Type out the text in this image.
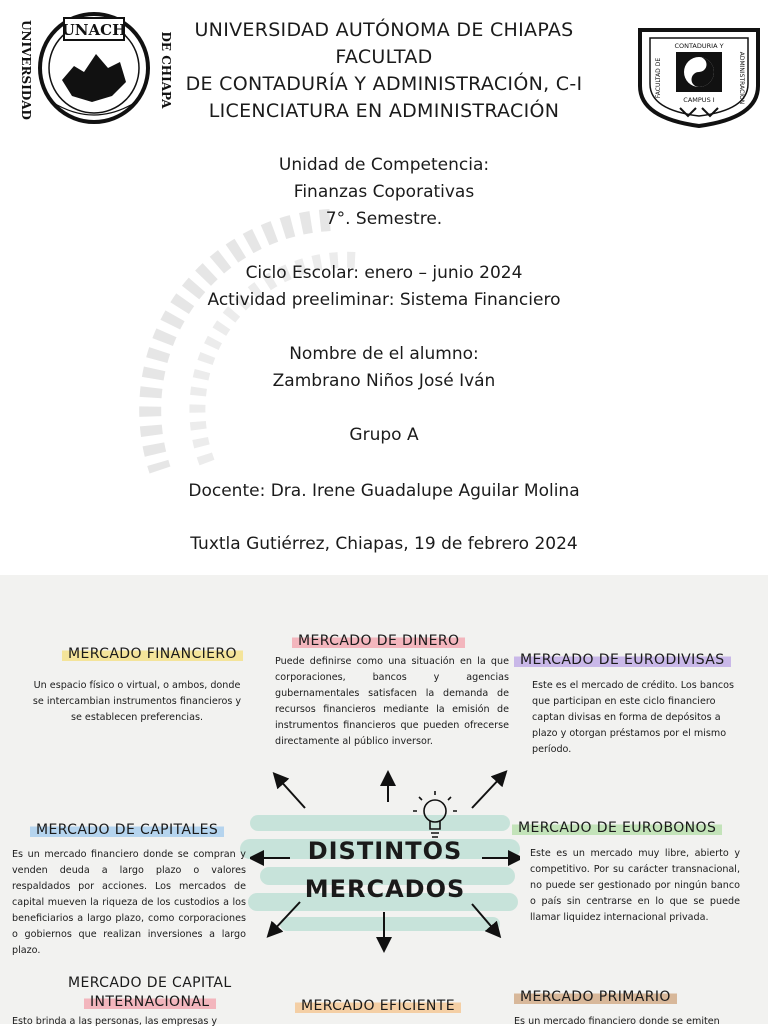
UNIVERSIDAD UNACH
DE CHIAPA
UNIVERSIDAD AUTÓNOMA DE CHIAPAS
FACULTAD
DE CONTADURÍA Y ADMINISTRACIÓN, C-I
LICENCIATURA EN ADMINISTRACIÓN
CONTADURIA Y
FACULTAD DE	ADMINISTRACION
CAMPUS I
Unidad de Competencia:
Finanzas Coporativas
7°. Semestre.
Ciclo Escolar: enero – junio 2024
Actividad preeliminar: Sistema Financiero
Nombre de el alumno:
Zambrano Niños José Iván
Grupo A
Docente: Dra. Irene Guadalupe Aguilar Molina
Tuxtla Gutiérrez, Chiapas, 19 de febrero 2024
DISTINTOS
MERCADOS
MERCADO FINANCIERO
Un espacio físico o virtual, o ambos, donde se intercambian instrumentos financieros y se establecen preferencias.
MERCADO DE DINERO
Puede definirse como una situación en la que corporaciones, bancos y agencias gubernamentales satisfacen la demanda de recursos financieros mediante la emisión de instrumentos financieros que pueden ofrecerse directamente al público inversor.
MERCADO DE EURODIVISAS
Este es el mercado de crédito. Los bancos que participan en este ciclo financiero captan divisas en forma de depósitos a plazo y otorgan préstamos por el mismo período.
MERCADO DE CAPITALES
Es un mercado financiero donde se compran y venden deuda a largo plazo o valores respaldados por acciones. Los mercados de capital mueven la riqueza de los custodios a los beneficiarios a largo plazo, como corporaciones o gobiernos que realizan inversiones a largo plazo.
MERCADO DE EUROBONOS
Este es un mercado muy libre, abierto y competitivo. Por su carácter transnacional, no puede ser gestionado por ningún banco o país sin centrarse en lo que se puede llamar liquidez internacional privada.
MERCADO DE CAPITAL
INTERNACIONAL
Esto brinda a las personas, las empresas y
MERCADO EFICIENTE
MERCADO PRIMARIO
Es un mercado financiero donde se emiten
